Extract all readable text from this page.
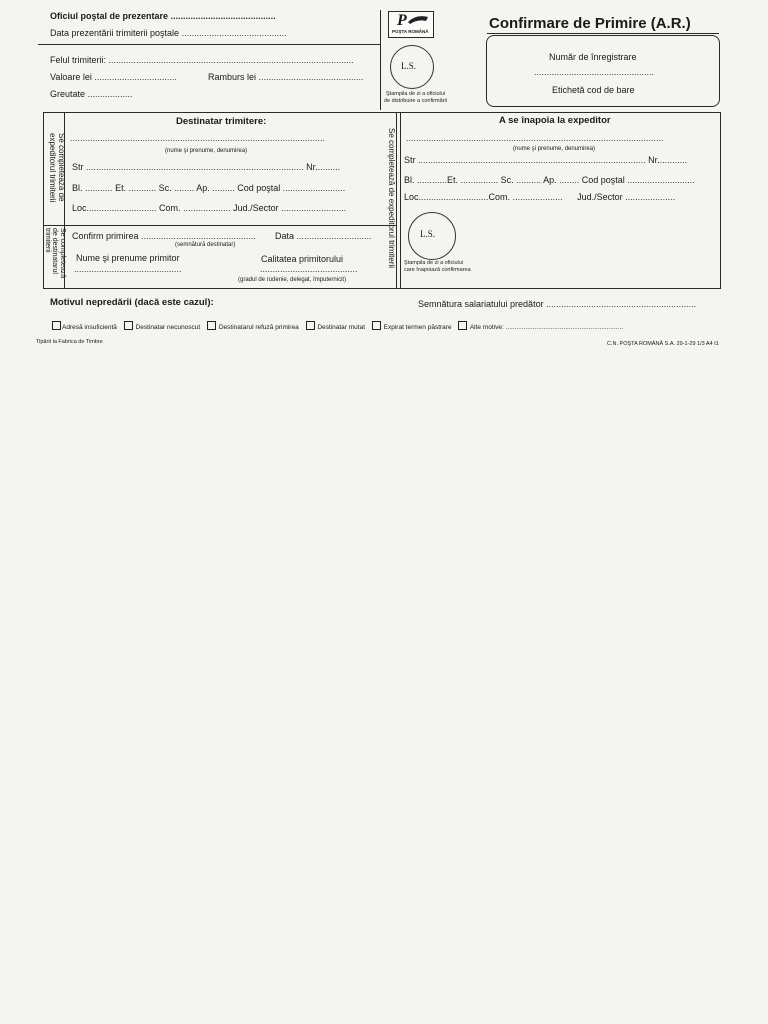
Oficiul poştal de prezentare ..........................................
Data prezentării trimiterii poştale ..........................................
Felul trimiterii: ..................................................................................................
Valoare lei .................................	Ramburs lei ..........................................
Greutate ..................
P
POŞTA ROMÂNĂ
L.S.
Ştampila de zi a oficiului
de distribuire a confirmării
Confirmare de Primire (A.R.)
Număr de înregistrare
................................................
Etichetă cod de bare
Se completează de
expeditorul trimiterii
Destinatar trimitere:
......................................................................................................
(nume şi prenume, denumirea)
Str ....................................................................................... Nr..........
Bl. ........... Et. ........... Sc. ........ Ap. ......... Cod poştal .........................
Loc............................ Com. ................... Jud./Sector ..........................
Se completează
de destinatarul
trimiterii Confirm primirea .............................................. Data ..............................
(semnătură destinatar)
Nume şi prenume primitor	Calitatea primitorului
...........................................	.......................................
(gradul de rudenie, delegat, împuternicit)
Se completează de expeditorul trimiterii
A se înapoia la expeditor
.......................................................................................................
(nume şi prenume, denumirea)
Str ........................................................................................... Nr............
Bl. ............Et. ............... Sc. .......... Ap. ........ Cod poştal ...........................
Loc............................Com. .................... Jud./Sector ....................
L.S.
Ştampila de zi a oficiului
care înapoiază confirmarea
Motivul nepredării (dacă este cazul):	Semnătura salariatului predător ............................................................
Adresă insuficientă	Destinatar necunoscut	Destinatarul refuză primirea	Destinatar mutat	Expirat termen păstrare	Alte motive: .................................................................
Tipărit la Fabrica de Timbre	C.N. POŞTA ROMÂNĂ S.A. 29-1-29 1/3 A4 t1
